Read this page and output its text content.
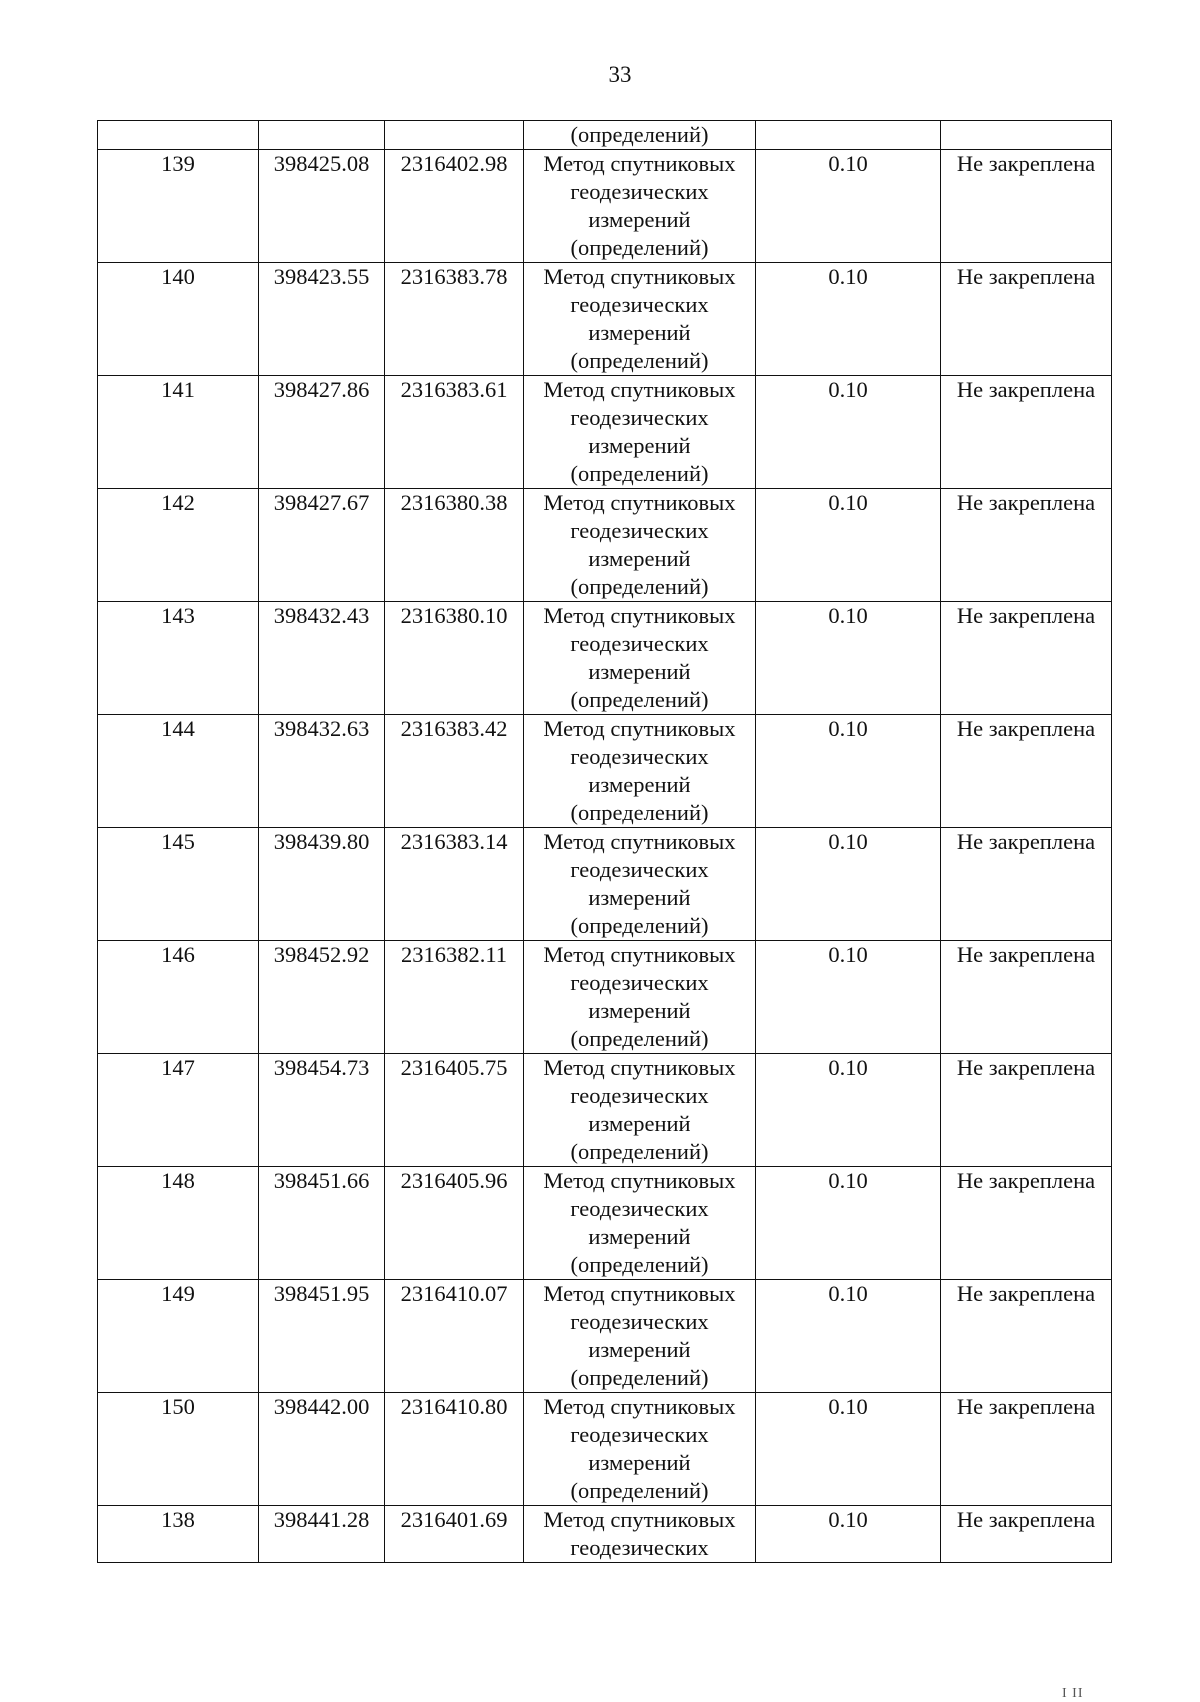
33

			(определений)		

139	398425.08	2316402.98	Метод спутниковых
геодезических
измерений
(определений)	0.10	Не закреплена
140	398423.55	2316383.78	Метод спутниковых
геодезических
измерений
(определений)	0.10	Не закреплена
141	398427.86	2316383.61	Метод спутниковых
геодезических
измерений
(определений)	0.10	Не закреплена
142	398427.67	2316380.38	Метод спутниковых
геодезических
измерений
(определений)	0.10	Не закреплена
143	398432.43	2316380.10	Метод спутниковых
геодезических
измерений
(определений)	0.10	Не закреплена
144	398432.63	2316383.42	Метод спутниковых
геодезических
измерений
(определений)	0.10	Не закреплена
145	398439.80	2316383.14	Метод спутниковых
геодезических
измерений
(определений)	0.10	Не закреплена
146	398452.92	2316382.11	Метод спутниковых
геодезических
измерений
(определений)	0.10	Не закреплена
147	398454.73	2316405.75	Метод спутниковых
геодезических
измерений
(определений)	0.10	Не закреплена
148	398451.66	2316405.96	Метод спутниковых
геодезических
измерений
(определений)	0.10	Не закреплена
149	398451.95	2316410.07	Метод спутниковых
геодезических
измерений
(определений)	0.10	Не закреплена
150	398442.00	2316410.80	Метод спутниковых
геодезических
измерений
(определений)	0.10	Не закреплена
138	398441.28	2316401.69	Метод спутниковых
геодезических	0.10	Не закреплена
I II
